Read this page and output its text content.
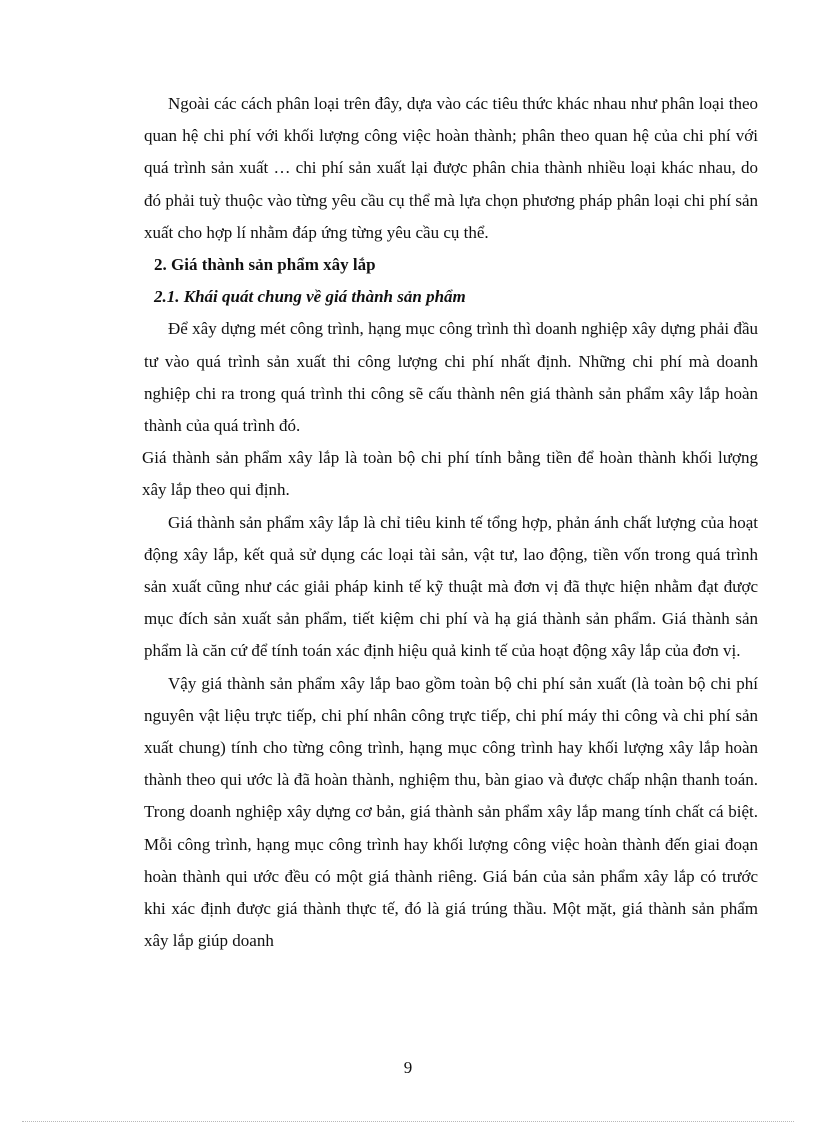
Ngoài các cách phân loại trên đây, dựa vào các tiêu thức khác nhau như phân loại theo quan hệ chi phí với khối lượng công việc hoàn thành; phân theo quan hệ của chi phí với quá trình sản xuất … chi phí sản xuất lại được phân chia thành nhiều loại khác nhau, do đó phải tuỳ thuộc vào từng yêu cầu cụ thể mà lựa chọn phương pháp phân loại chi phí sản xuất cho hợp lí nhằm đáp ứng từng yêu cầu cụ thể.

2. Giá thành sản phẩm xây lắp

2.1. Khái quát chung về giá thành sản phẩm

Để xây dựng mét công trình, hạng mục công trình thì doanh nghiệp xây dựng phải đầu tư vào quá trình sản xuất thi công lượng chi phí nhất định. Những chi phí mà doanh nghiệp chi ra trong quá trình thi công sẽ cấu thành nên giá thành sản phẩm xây lắp hoàn thành của quá trình đó.

Giá thành sản phẩm xây lắp là toàn bộ chi phí tính bằng tiền để hoàn thành khối lượng xây lắp theo qui định.

Giá thành sản phẩm xây lắp là chỉ tiêu kinh tế tổng hợp, phản ánh chất lượng của hoạt động xây lắp, kết quả sử dụng các loại tài sản, vật tư, lao động, tiền vốn trong quá trình sản xuất cũng như các giải pháp kinh tế kỹ thuật mà đơn vị đã thực hiện nhằm đạt được mục đích sản xuất sản phẩm, tiết kiệm chi phí và hạ giá thành sản phẩm. Giá thành sản phẩm là căn cứ để tính toán xác định hiệu quả kinh tế của hoạt động xây lắp của đơn vị.

Vậy giá thành sản phẩm xây lắp bao gồm toàn bộ chi phí sản xuất (là toàn bộ chi phí nguyên vật liệu trực tiếp, chi phí nhân công trực tiếp, chi phí máy thi công và chi phí sản xuất chung) tính cho từng công trình, hạng mục công trình hay khối lượng xây lắp hoàn thành theo qui ước là đã hoàn thành, nghiệm thu, bàn giao và được chấp nhận thanh toán. Trong doanh nghiệp xây dựng cơ bản, giá thành sản phẩm xây lắp mang tính chất cá biệt. Mỗi công trình, hạng mục công trình hay khối lượng công việc hoàn thành đến giai đoạn hoàn thành qui ước đều có một giá thành riêng. Giá bán của sản phẩm xây lắp có trước khi xác định được giá thành thực tế, đó là giá trúng thầu. Một mặt, giá thành sản phẩm xây lắp giúp doanh

9
